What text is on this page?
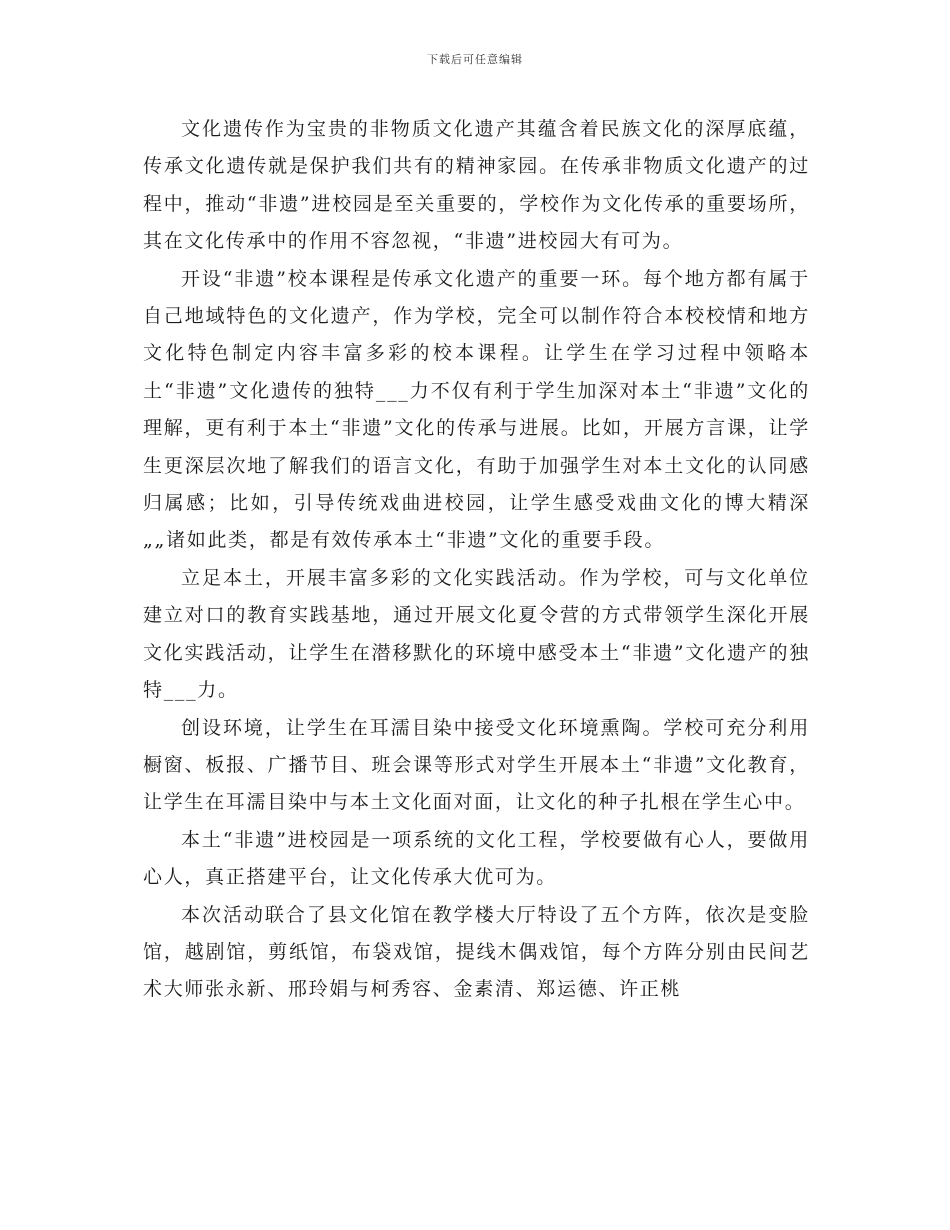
下载后可任意编辑

文化遗传作为宝贵的非物质文化遗产其蕴含着民族文化的深厚底蕴，传承文化遗传就是保护我们共有的精神家园。在传承非物质文化遗产的过程中，推动“非遗”进校园是至关重要的，学校作为文化传承的重要场所，其在文化传承中的作用不容忽视，“非遗”进校园大有可为。

开设“非遗”校本课程是传承文化遗产的重要一环。每个地方都有属于自己地域特色的文化遗产，作为学校，完全可以制作符合本校校情和地方文化特色制定内容丰富多彩的校本课程。让学生在学习过程中领略本土“非遗”文化遗传的独特___力不仅有利于学生加深对本土“非遗”文化的理解，更有利于本土“非遗”文化的传承与进展。比如，开展方言课，让学生更深层次地了解我们的语言文化，有助于加强学生对本土文化的认同感归属感；比如，引导传统戏曲进校园，让学生感受戏曲文化的博大精深„„诸如此类，都是有效传承本土“非遗”文化的重要手段。

立足本土，开展丰富多彩的文化实践活动。作为学校，可与文化单位建立对口的教育实践基地，通过开展文化夏令营的方式带领学生深化开展文化实践活动，让学生在潜移默化的环境中感受本土“非遗”文化遗产的独特___力。

创设环境，让学生在耳濡目染中接受文化环境熏陶。学校可充分利用橱窗、板报、广播节目、班会课等形式对学生开展本土“非遗”文化教育，让学生在耳濡目染中与本土文化面对面，让文化的种子扎根在学生心中。

本土“非遗”进校园是一项系统的文化工程，学校要做有心人，要做用心人，真正搭建平台，让文化传承大优可为。

本次活动联合了县文化馆在教学楼大厅特设了五个方阵，依次是变脸馆，越剧馆，剪纸馆，布袋戏馆，提线木偶戏馆，每个方阵分别由民间艺术大师张永新、邢玲娟与柯秀容、金素清、郑运德、许正桃
